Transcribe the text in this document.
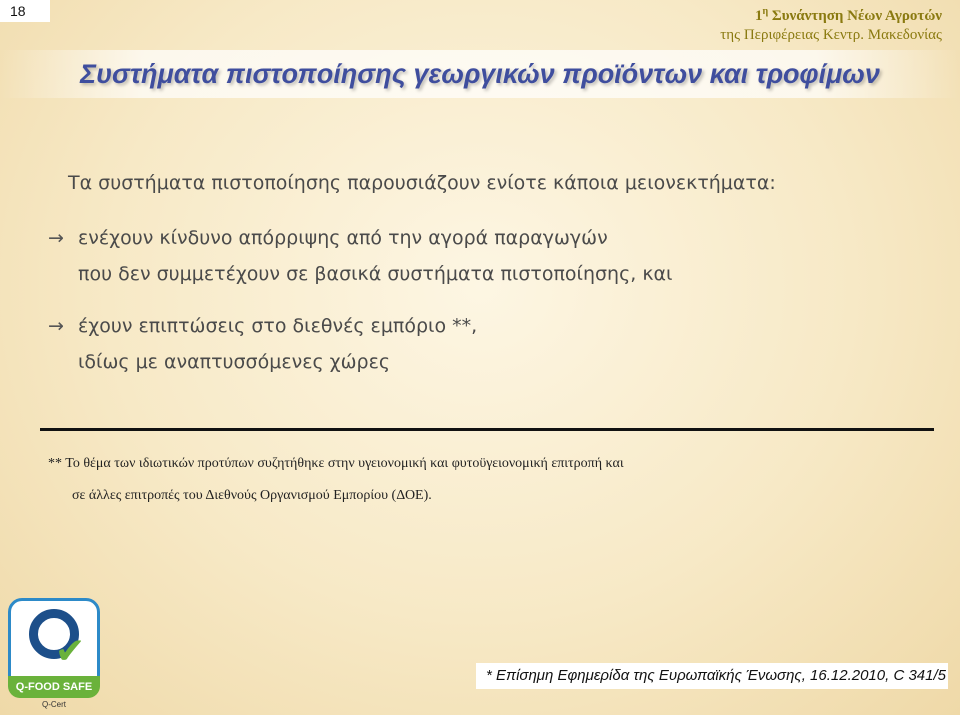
18	$1^\eta$ Συνάντηση Νέων Αγροτών
της Περιφέρειας Κεντρ. Μακεδονίας
Συστήματα πιστοποίησης γεωργικών προϊόντων και τροφίμων
Τα συστήματα πιστοποίησης παρουσιάζουν ενίοτε κάποια μειονεκτήματα:
→ ενέχουν κίνδυνο απόρριψης από την αγορά παραγωγών
που δεν συμμετέχουν σε βασικά συστήματα πιστοποίησης, και
→ έχουν επιπτώσεις στο διεθνές εμπόριο **,
ιδίως με αναπτυσσόμενες χώρες
** Το θέμα των ιδιωτικών προτύπων συζητήθηκε στην υγειονομική και φυτοϋγειονομική επιτροπή και
σε άλλες επιτροπές του Διεθνούς Οργανισμού Εμπορίου (ΔΟΕ).
✔
Q-FOOD SAFE
Q-Cert
* Επίσημη Εφημερίδα της Ευρωπαϊκής Ένωσης, 16.12.2010, C 341/5
